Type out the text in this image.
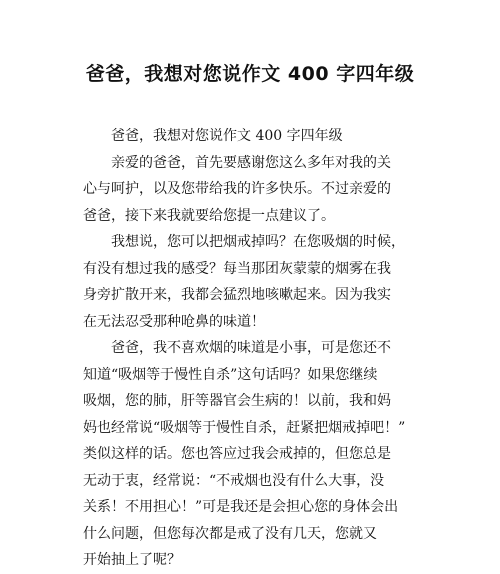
爸爸，我想对您说作文 400 字四年级
爸爸，我想对您说作文 400 字四年级
亲爱的爸爸，首先要感谢您这么多年对我的关
心与呵护，以及您带给我的许多快乐。不过亲爱的
爸爸，接下来我就要给您提一点建议了。
我想说，您可以把烟戒掉吗？在您吸烟的时候，
有没有想过我的感受？每当那团灰蒙蒙的烟雾在我
身旁扩散开来，我都会猛烈地咳嗽起来。因为我实
在无法忍受那种呛鼻的味道！
爸爸，我不喜欢烟的味道是小事，可是您还不
知道“吸烟等于慢性自杀”这句话吗？如果您继续
吸烟，您的肺，肝等器官会生病的！以前，我和妈
妈也经常说“吸烟等于慢性自杀，赶紧把烟戒掉吧！”
类似这样的话。您也答应过我会戒掉的，但您总是
无动于衷，经常说：“不戒烟也没有什么大事，没
关系！不用担心！”可是我还是会担心您的身体会出
什么问题，但您每次都是戒了没有几天，您就又
开始抽上了呢？
